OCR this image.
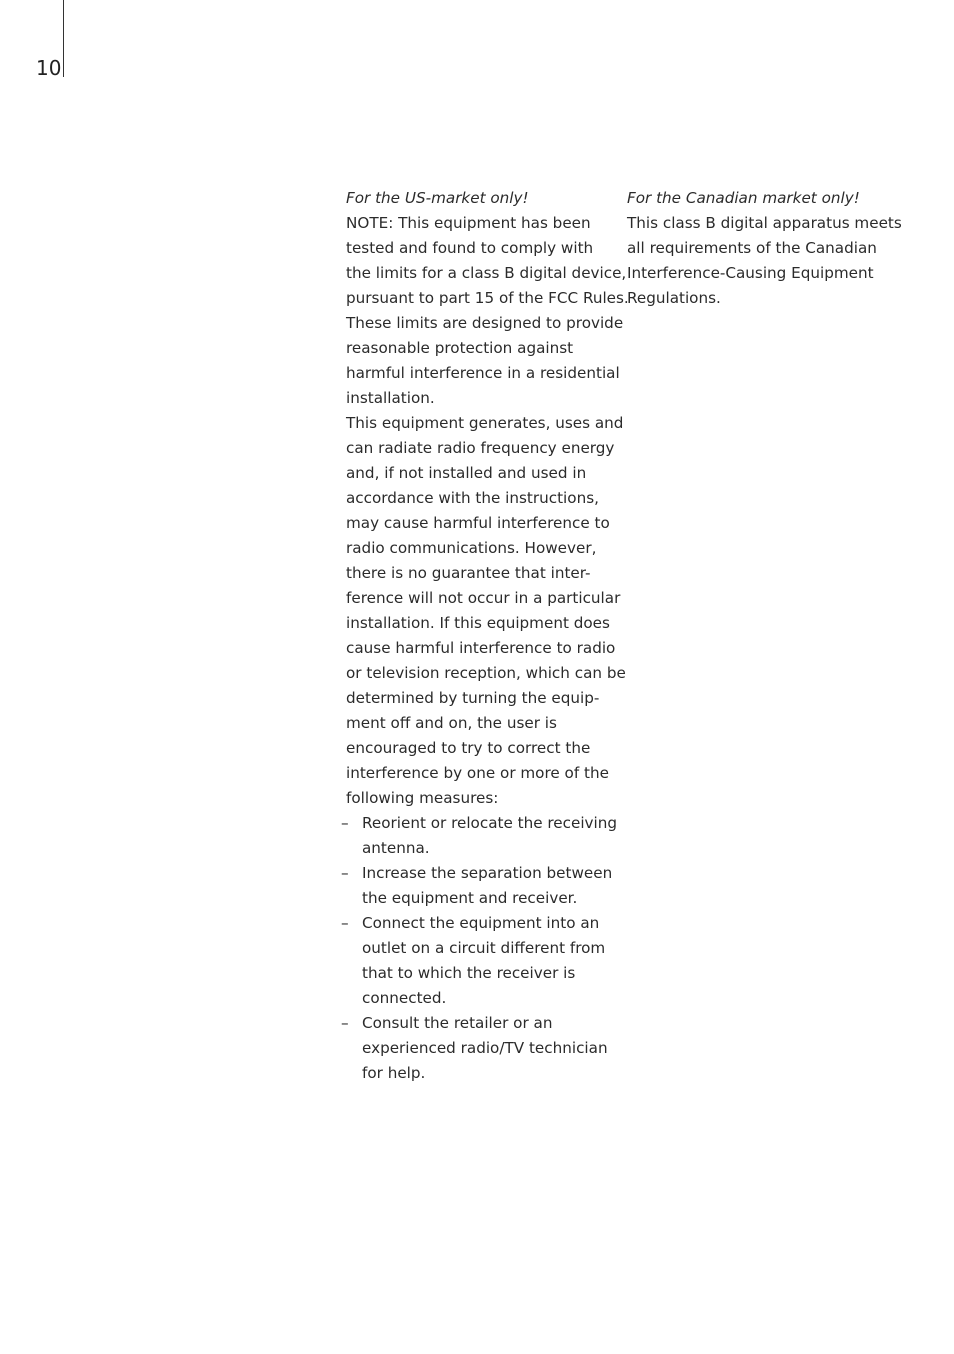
10

For the US-market only!

NOTE: This equipment has been
tested and found to comply with
the limits for a class B digital device,
pursuant to part 15 of the FCC Rules.
These limits are designed to provide
reasonable protection against
harmful interference in a residential
installation.

This equipment generates, uses and
can radiate radio frequency energy
and, if not installed and used in
accordance with the instructions,
may cause harmful interference to
radio communications. However,
there is no guarantee that inter-
ference will not occur in a particular
installation. If this equipment does
cause harmful interference to radio
or television reception, which can be
determined by turning the equip-
ment off and on, the user is
encouraged to try to correct the
interference by one or more of the
following measures:

– Reorient or relocate the receiving
antenna.
– Increase the separation between
the equipment and receiver.
– Connect the equipment into an
outlet on a circuit different from
that to which the receiver is
connected.
– Consult the retailer or an
experienced radio/TV technician
for help.

For the Canadian market only!

This class B digital apparatus meets
all requirements of the Canadian
Interference-Causing Equipment
Regulations.
